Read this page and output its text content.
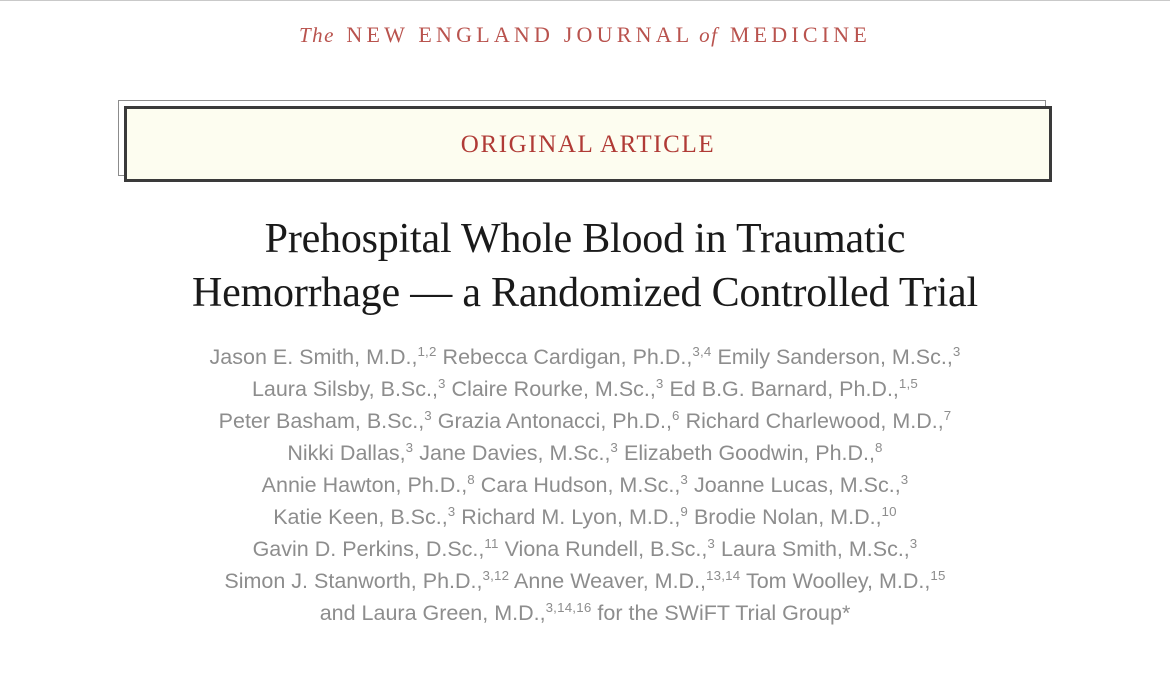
The  NEW ENGLAND JOURNAL of  MEDICINE
ORIGINAL ARTICLE
Prehospital Whole Blood in Traumatic
Hemorrhage — a Randomized Controlled Trial
Jason E. Smith, M.D.,$^{1,2}$ Rebecca Cardigan, Ph.D.,$^{3,4}$ Emily Sanderson, M.Sc.,$^3$
Laura Silsby, B.Sc.,$^3$ Claire Rourke, M.Sc.,$^3$ Ed B.G. Barnard, Ph.D.,$^{1,5}$
Peter Basham, B.Sc.,$^3$ Grazia Antonacci, Ph.D.,$^6$ Richard Charlewood, M.D.,$^7$
Nikki Dallas,$^3$ Jane Davies, M.Sc.,$^3$ Elizabeth Goodwin, Ph.D.,$^8$
Annie Hawton, Ph.D.,$^8$ Cara Hudson, M.Sc.,$^3$ Joanne Lucas, M.Sc.,$^3$
Katie Keen, B.Sc.,$^3$ Richard M. Lyon, M.D.,$^9$ Brodie Nolan, M.D.,$^{10}$
Gavin D. Perkins, D.Sc.,$^{11}$ Viona Rundell, B.Sc.,$^3$ Laura Smith, M.Sc.,$^3$
Simon J. Stanworth, Ph.D.,$^{3,12}$ Anne Weaver, M.D.,$^{13,14}$ Tom Woolley, M.D.,$^{15}$
and Laura Green, M.D.,$^{3,14,16}$ for the SWiFT Trial Group*
